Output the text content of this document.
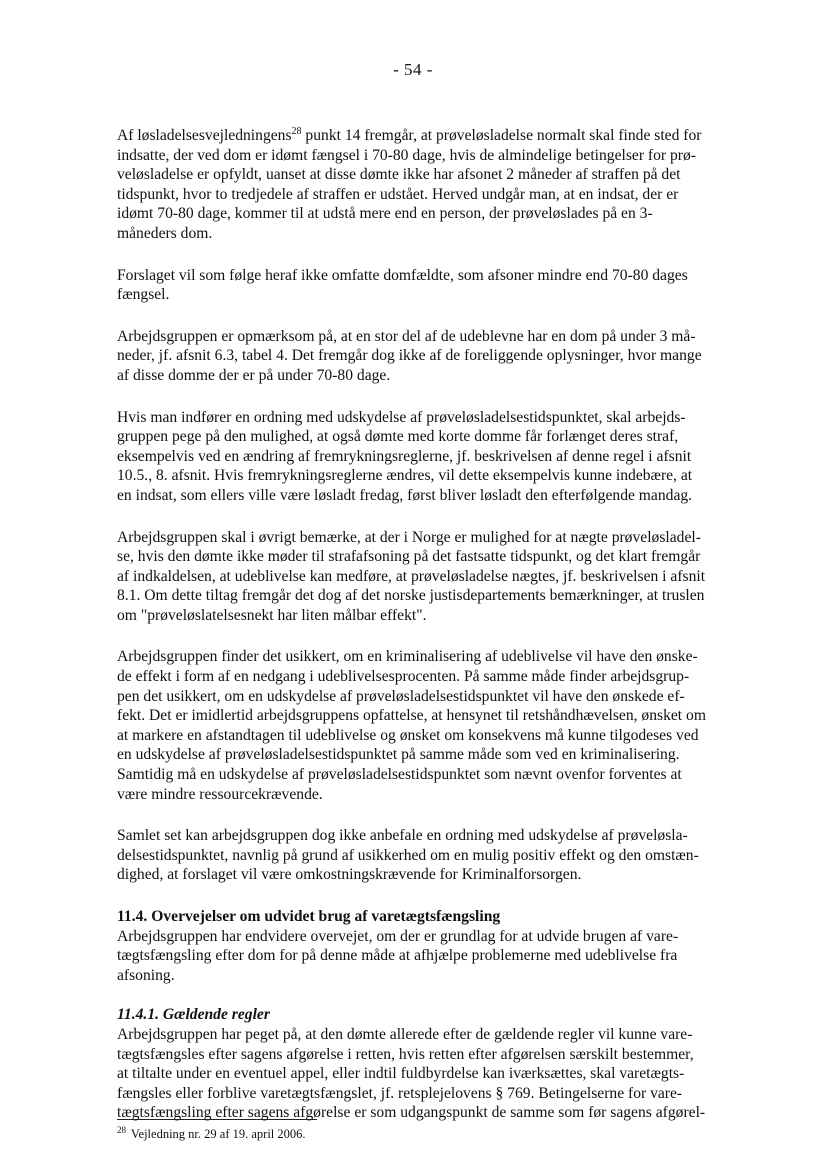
- 54 -

Af løsladelsesvejledningens$^{28}$ punkt 14 fremgår, at prøveløsladelse normalt skal finde sted for
indsatte, der ved dom er idømt fængsel i 70-80 dage, hvis de almindelige betingelser for prø-
veløsladelse er opfyldt, uanset at disse dømte ikke har afsonet 2 måneder af straffen på det
tidspunkt, hvor to tredjedele af straffen er udstået. Herved undgår man, at en indsat, der er
idømt 70-80 dage, kommer til at udstå mere end en person, der prøveløslades på en 3-
måneders dom.

Forslaget vil som følge heraf ikke omfatte domfældte, som afsoner mindre end 70-80 dages
fængsel.

Arbejdsgruppen er opmærksom på, at en stor del af de udeblevne har en dom på under 3 må-
neder, jf. afsnit 6.3, tabel 4. Det fremgår dog ikke af de foreliggende oplysninger, hvor mange
af disse domme der er på under 70-80 dage.

Hvis man indfører en ordning med udskydelse af prøveløsladelsestidspunktet, skal arbejds-
gruppen pege på den mulighed, at også dømte med korte domme får forlænget deres straf,
eksempelvis ved en ændring af fremrykningsreglerne, jf. beskrivelsen af denne regel i afsnit
10.5., 8. afsnit. Hvis fremrykningsreglerne ændres, vil dette eksempelvis kunne indebære, at
en indsat, som ellers ville være løsladt fredag, først bliver løsladt den efterfølgende mandag.

Arbejdsgruppen skal i øvrigt bemærke, at der i Norge er mulighed for at nægte prøveløsladel-
se, hvis den dømte ikke møder til strafafsoning på det fastsatte tidspunkt, og det klart fremgår
af indkaldelsen, at udeblivelse kan medføre, at prøveløsladelse nægtes, jf. beskrivelsen i afsnit
8.1. Om dette tiltag fremgår det dog af det norske justisdepartements bemærkninger, at truslen
om "prøveløslatelsesnekt har liten målbar effekt".

Arbejdsgruppen finder det usikkert, om en kriminalisering af udeblivelse vil have den ønske-
de effekt i form af en nedgang i udeblivelsesprocenten. På samme måde finder arbejdsgrup-
pen det usikkert, om en udskydelse af prøveløsladelsestidspunktet vil have den ønskede ef-
fekt. Det er imidlertid arbejdsgruppens opfattelse, at hensynet til retshåndhævelsen, ønsket om
at markere en afstandtagen til udeblivelse og ønsket om konsekvens må kunne tilgodeses ved
en udskydelse af prøveløsladelsestidspunktet på samme måde som ved en kriminalisering.
Samtidig må en udskydelse af prøveløsladelsestidspunktet som nævnt ovenfor forventes at
være mindre ressourcekrævende.

Samlet set kan arbejdsgruppen dog ikke anbefale en ordning med udskydelse af prøveløsla-
delsestidspunktet, navnlig på grund af usikkerhed om en mulig positiv effekt og den omstæn-
dighed, at forslaget vil være omkostningskrævende for Kriminalforsorgen.

11.4. Overvejelser om udvidet brug af varetægtsfængsling

Arbejdsgruppen har endvidere overvejet, om der er grundlag for at udvide brugen af vare-
tægtsfængsling efter dom for på denne måde at afhjælpe problemerne med udeblivelse fra
afsoning.

11.4.1. Gældende regler

Arbejdsgruppen har peget på, at den dømte allerede efter de gældende regler vil kunne vare-
tægtsfængsles efter sagens afgørelse i retten, hvis retten efter afgørelsen særskilt bestemmer,
at tiltalte under en eventuel appel, eller indtil fuldbyrdelse kan iværksættes, skal varetægts-
fængsles eller forblive varetægtsfængslet, jf. retsplejelovens § 769. Betingelserne for vare-
tægtsfængsling efter sagens afgørelse er som udgangspunkt de samme som før sagens afgørel-

$^{28}$ Vejledning nr. 29 af 19. april 2006.
